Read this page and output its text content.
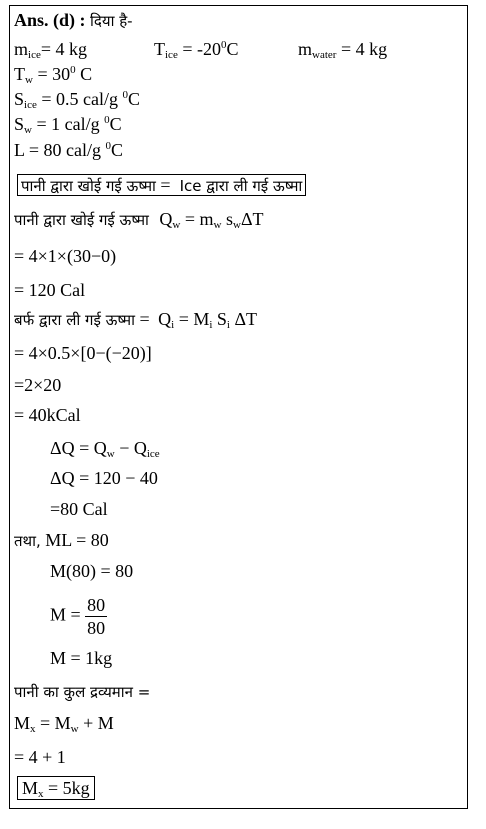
Ans. (d) : दिया है-
$m_{ice}= 4$ kg	$T_{ice} = -20^0C$	$m_{water} = 4$ kg
$T_w = 30^0$ C
$S_{ice} = 0.5$ cal/g $^0$C
$S_w = 1$ cal/g $^0$C
L = 80 cal/g $^0$C
पानी द्वारा खोई गई ऊष्मा =  Ice द्वारा ली गई ऊष्मा
पानी द्वारा खोई गई ऊष्मा $Q_w = m_w$ $s_w\Delta T$
= 4×1×(30−0)
= 120 Cal
बर्फ द्वारा ली गई ऊष्मा = $Q_i = M_i$ $S_i$ ΔT
= 4×0.5×[0−(−20)]
=2×20
= 40kCal
$\Delta Q = Q_w - Q_{ice}$
ΔQ = 120 − 40
=80 Cal
तथा, ML = 80
M(80) = 80
$M = \frac{80}{80}$
M = 1kg
पानी का कुल द्रव्यमान =
$M_x = M_w + M$
= 4 + 1
$M_x = 5kg$
